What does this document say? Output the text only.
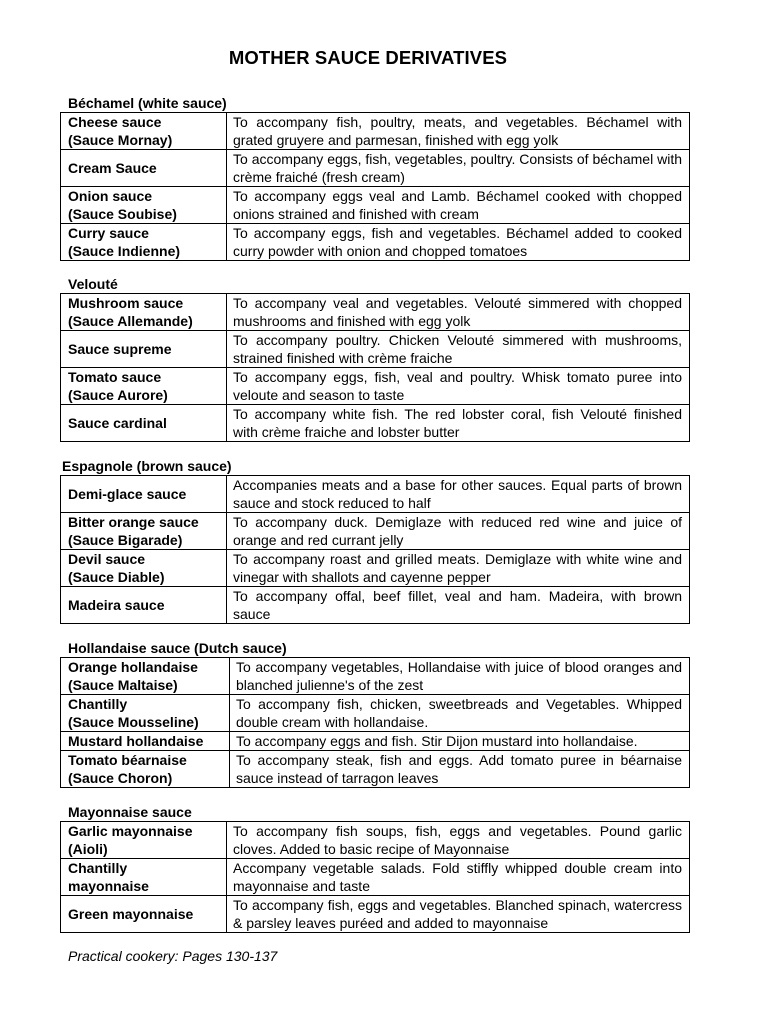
MOTHER SAUCE DERIVATIVES
Béchamel (white sauce)
Cheese sauce
(Sauce Mornay)	To accompany fish, poultry, meats, and vegetables. Béchamel with grated gruyere and parmesan, finished with egg yolk

Cream Sauce	To accompany eggs, fish, vegetables, poultry. Consists of béchamel with crème fraiché (fresh cream)

Onion sauce
(Sauce Soubise)	To accompany eggs veal and Lamb. Béchamel cooked with chopped onions strained and finished with cream

Curry sauce
(Sauce Indienne)	To accompany eggs, fish and vegetables. Béchamel added to cooked curry powder with onion and chopped tomatoes
Velouté
Mushroom sauce
(Sauce Allemande)	To accompany veal and vegetables. Velouté simmered with chopped mushrooms and finished with egg yolk

Sauce supreme	To accompany poultry. Chicken Velouté simmered with mushrooms, strained finished with crème fraiche

Tomato sauce
(Sauce Aurore)	To accompany eggs, fish, veal and poultry. Whisk tomato puree into veloute and season to taste

Sauce cardinal	To accompany white fish. The red lobster coral, fish Velouté finished with crème fraiche and lobster butter
Espagnole (brown sauce)
Demi-glace sauce	Accompanies meats and a base for other sauces. Equal parts of brown sauce and stock reduced to half

Bitter orange sauce
(Sauce Bigarade)	To accompany duck. Demiglaze with reduced red wine and juice of orange and red currant jelly

Devil sauce
(Sauce Diable)	To accompany roast and grilled meats. Demiglaze with white wine and vinegar with shallots and cayenne pepper

Madeira sauce	To accompany offal, beef fillet, veal and ham. Madeira, with brown sauce
Hollandaise sauce (Dutch sauce)
Orange hollandaise
(Sauce Maltaise)	To accompany vegetables, Hollandaise with juice of blood oranges and blanched julienne's of the zest

Chantilly
(Sauce Mousseline)	To accompany fish, chicken, sweetbreads and Vegetables. Whipped double cream with hollandaise.

Mustard hollandaise	To accompany eggs and fish. Stir Dijon mustard into hollandaise.

Tomato béarnaise
(Sauce Choron)	To accompany steak, fish and eggs. Add tomato puree in béarnaise sauce instead of tarragon leaves
Mayonnaise sauce
Garlic mayonnaise
(Aioli)	To accompany fish soups, fish, eggs and vegetables. Pound garlic cloves. Added to basic recipe of Mayonnaise

Chantilly
mayonnaise	Accompany vegetable salads. Fold stiffly whipped double cream into mayonnaise and taste

Green mayonnaise	To accompany fish, eggs and vegetables. Blanched spinach, watercress & parsley leaves puréed and added to mayonnaise
Practical cookery: Pages 130-137
